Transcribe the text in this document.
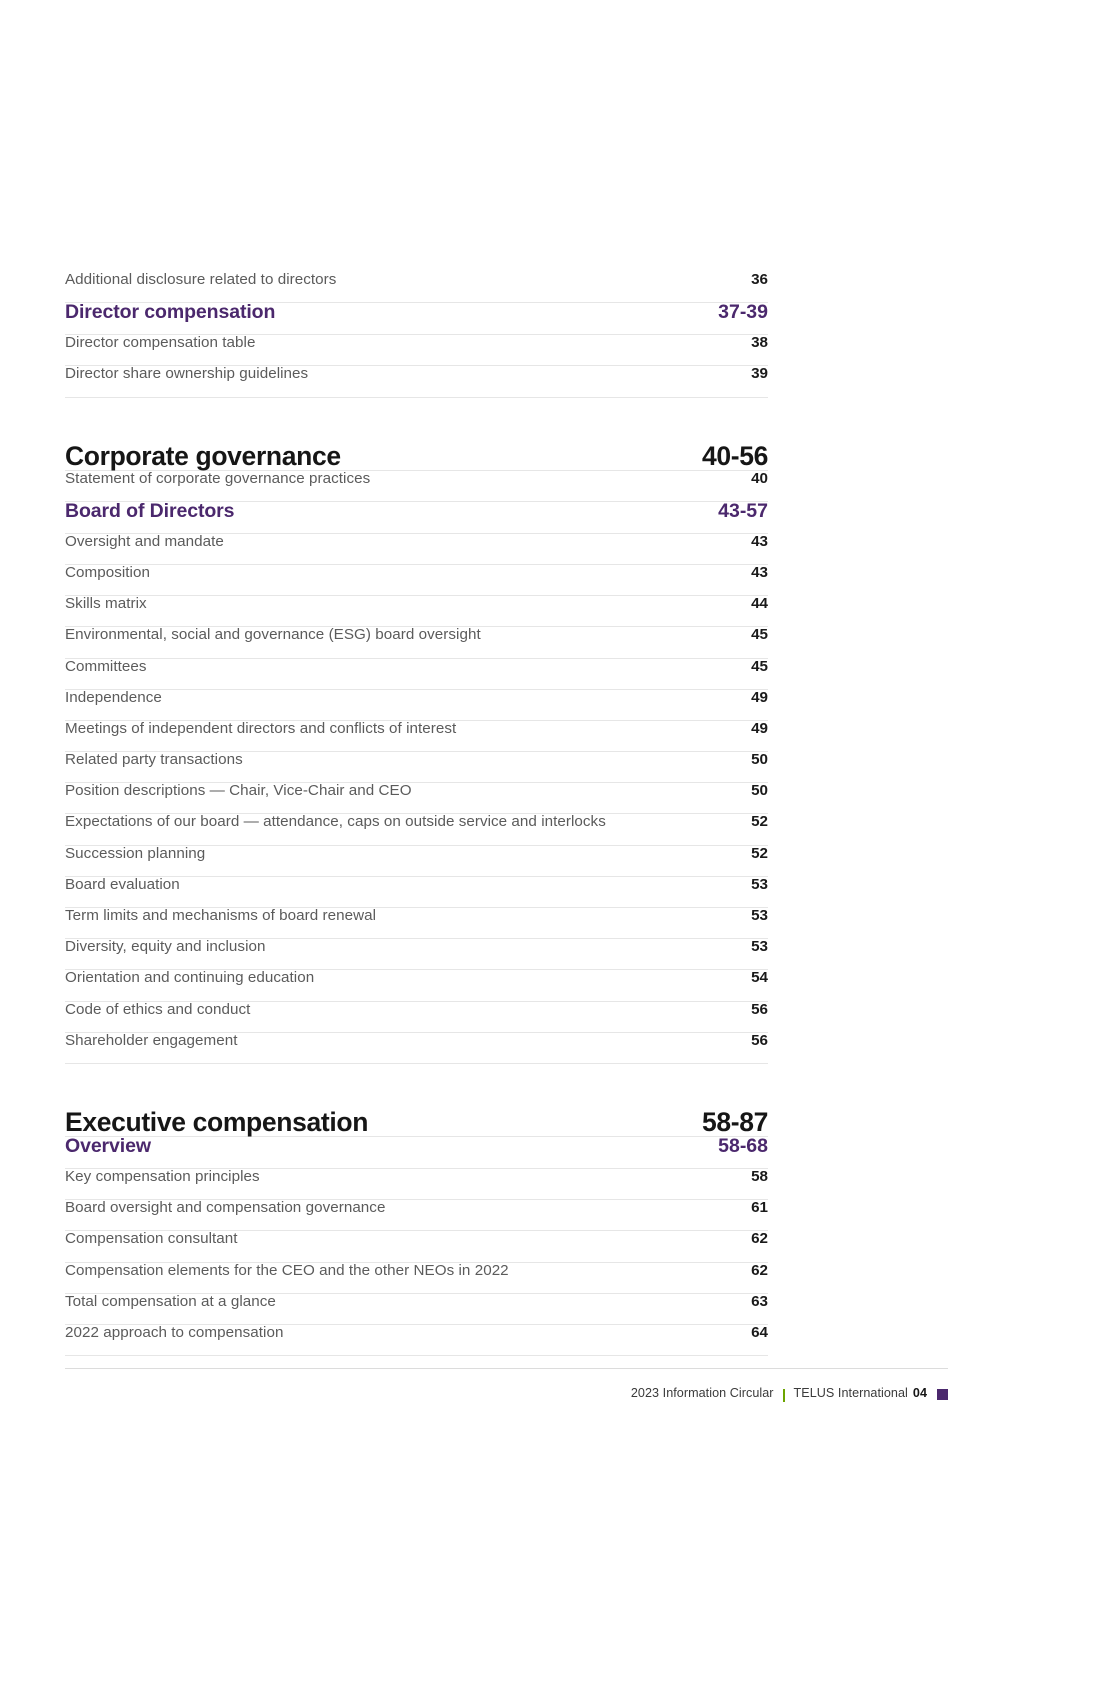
Additional disclosure related to directors	36
Director compensation	37-39
Director compensation table	38
Director share ownership guidelines	39
Corporate governance	40-56
Statement of corporate governance practices	40
Board of Directors	43-57
Oversight and mandate	43
Composition	43
Skills matrix	44
Environmental, social and governance (ESG) board oversight	45
Committees	45
Independence	49
Meetings of independent directors and conflicts of interest	49
Related party transactions	50
Position descriptions — Chair, Vice-Chair and CEO	50
Expectations of our board — attendance, caps on outside service and interlocks	52
Succession planning	52
Board evaluation	53
Term limits and mechanisms of board renewal	53
Diversity, equity and inclusion	53
Orientation and continuing education	54
Code of ethics and conduct	56
Shareholder engagement	56
Executive compensation	58-87
Overview	58-68
Key compensation principles	58
Board oversight and compensation governance	61
Compensation consultant	62
Compensation elements for the CEO and the other NEOs in 2022	62
Total compensation at a glance	63
2022 approach to compensation	64
2023 Information Circular TELUS International 04
